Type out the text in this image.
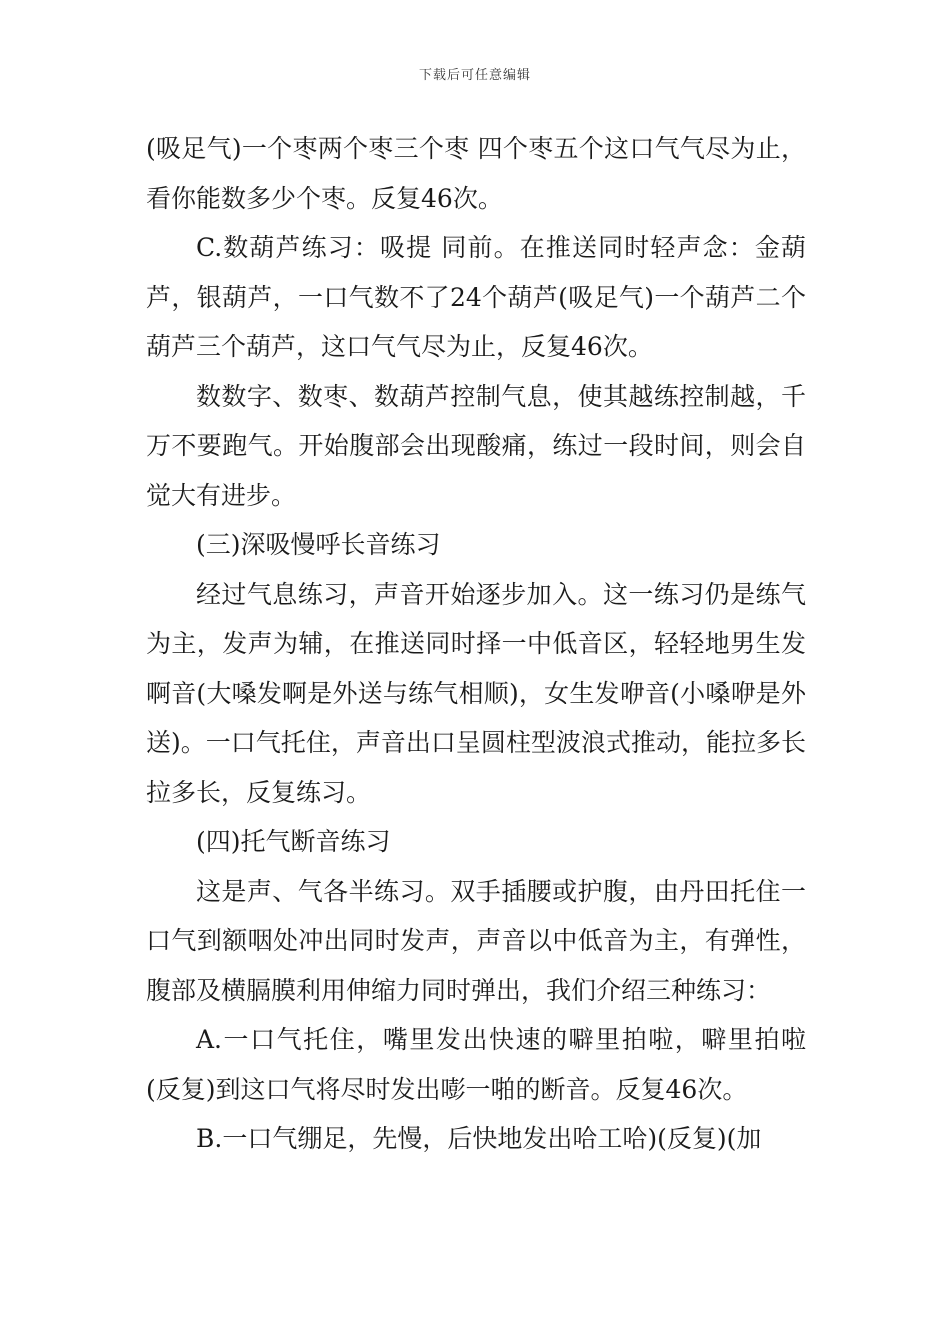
下载后可任意编辑

(吸足气)一个枣两个枣三个枣 四个枣五个这口气气尽为止，看你能数多少个枣。反复46次。

C.数葫芦练习：吸提 同前。在推送同时轻声念：金葫芦，银葫芦，一口气数不了24个葫芦(吸足气)一个葫芦二个葫芦三个葫芦，这口气气尽为止，反复46次。

数数字、数枣、数葫芦控制气息，使其越练控制越，千万不要跑气。开始腹部会出现酸痛，练过一段时间，则会自觉大有进步。

(三)深吸慢呼长音练习

经过气息练习，声音开始逐步加入。这一练习仍是练气为主，发声为辅，在推送同时择一中低音区，轻轻地男生发啊音(大嗓发啊是外送与练气相顺)，女生发咿音(小嗓咿是外送)。一口气托住，声音出口呈圆柱型波浪式推动，能拉多长拉多长，反复练习。

(四)托气断音练习

这是声、气各半练习。双手插腰或护腹，由丹田托住一口气到额咽处冲出同时发声，声音以中低音为主，有弹性，腹部及横膈膜利用伸缩力同时弹出，我们介绍三种练习：

A.一口气托住，嘴里发出快速的噼里拍啦，噼里拍啦(反复)到这口气将尽时发出嘭一啪的断音。反复46次。

B.一口气绷足，先慢，后快地发出哈工哈)(反复)(加
